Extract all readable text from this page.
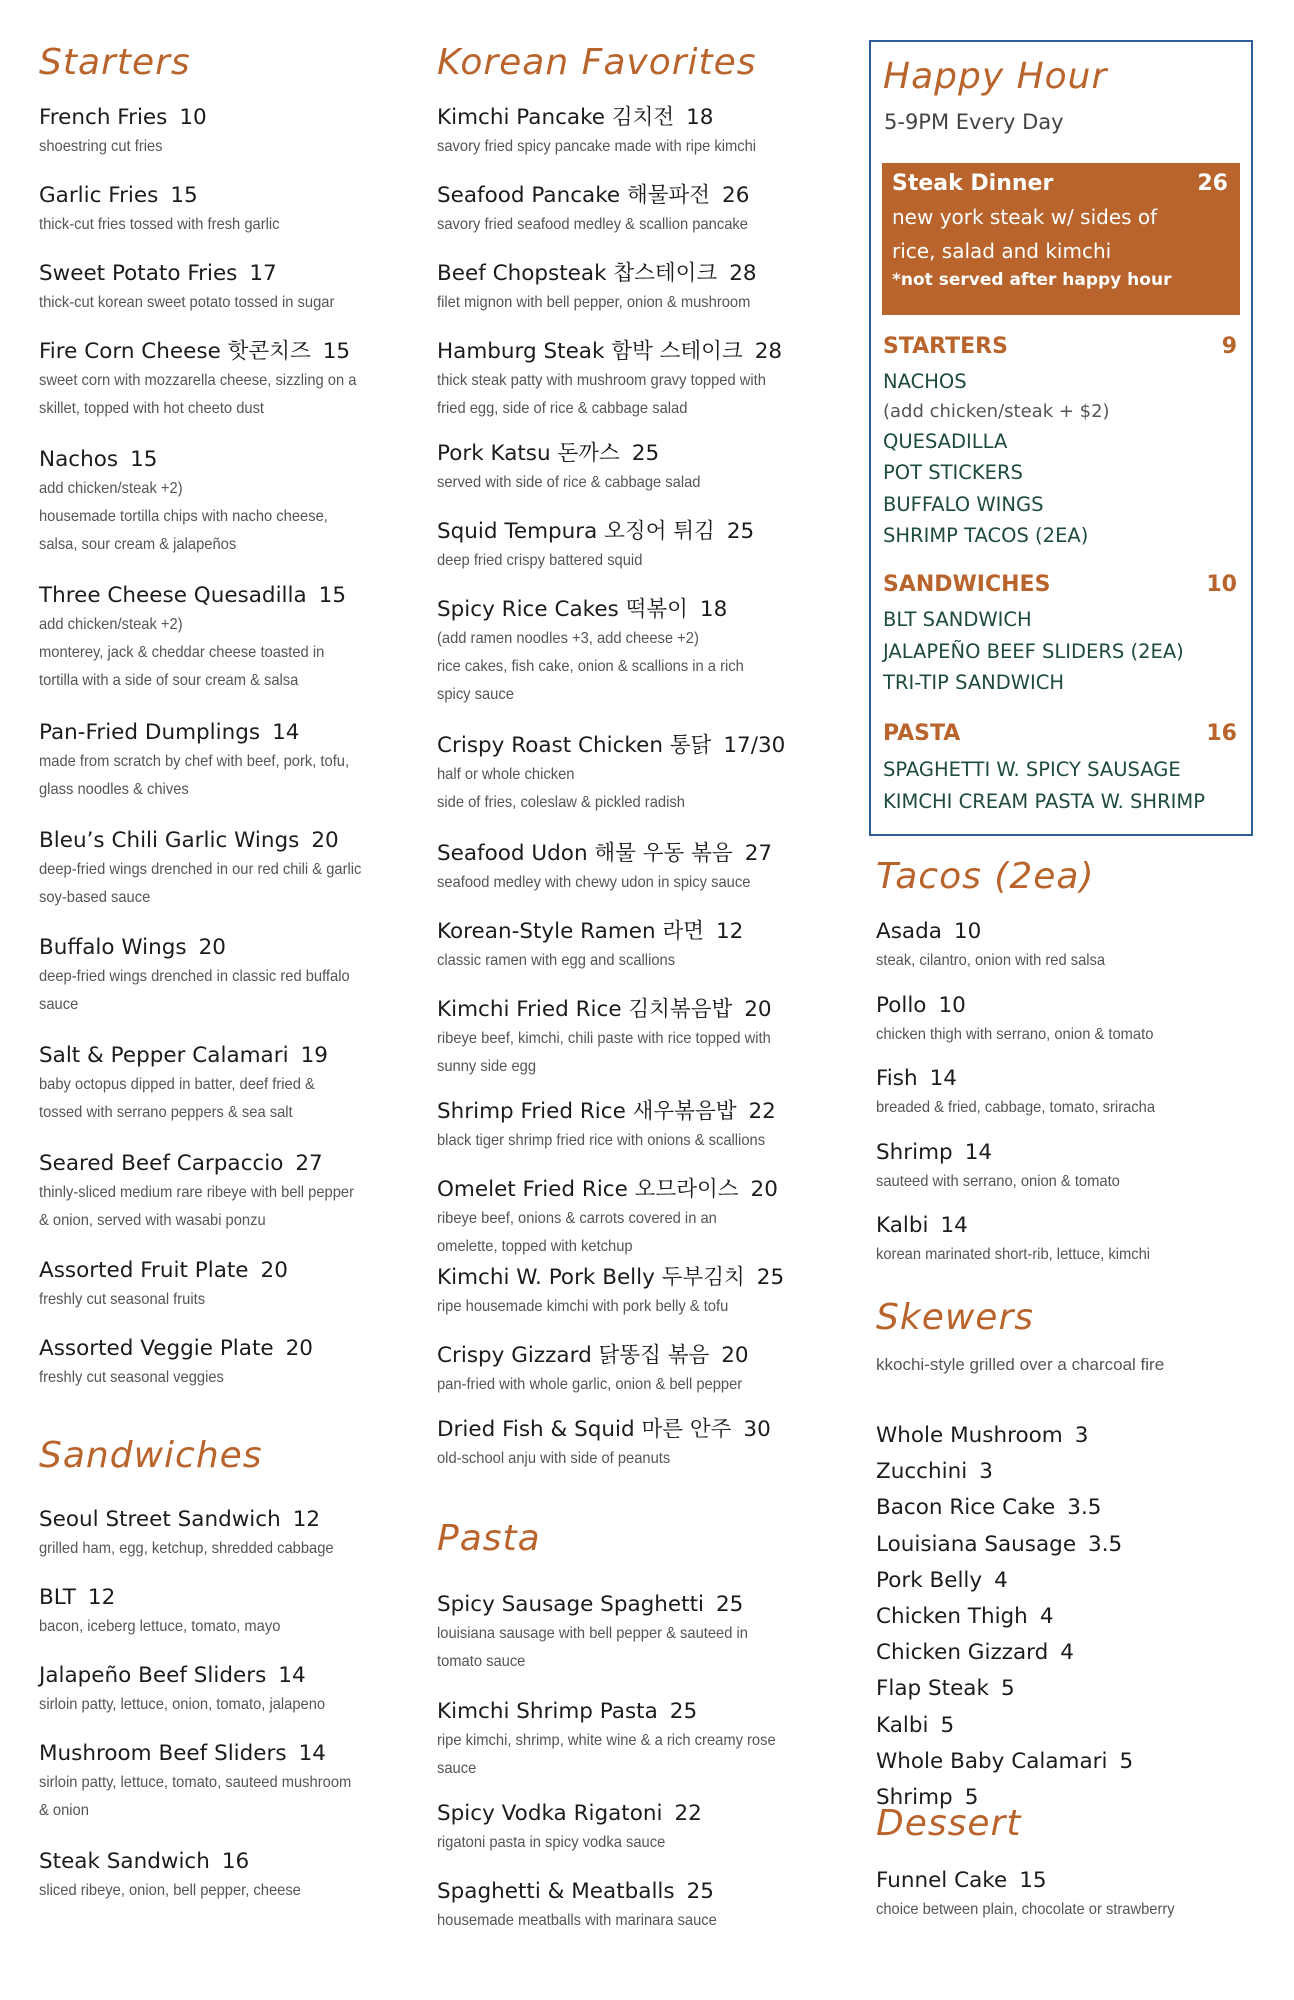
Starters
French Fries 10
shoestring cut fries
Garlic Fries 15
thick-cut fries tossed with fresh garlic
Sweet Potato Fries 17
thick-cut korean sweet potato tossed in sugar
Fire Corn Cheese 핫콘치즈 15
sweet corn with mozzarella cheese, sizzling on a
skillet, topped with hot cheeto dust
Nachos 15
add chicken/steak +2)
housemade tortilla chips with nacho cheese,
salsa, sour cream & jalapeños
Three Cheese Quesadilla 15
add chicken/steak +2)
monterey, jack & cheddar cheese toasted in
tortilla with a side of sour cream & salsa
Pan-Fried Dumplings 14
made from scratch by chef with beef, pork, tofu,
glass noodles & chives
Bleu’s Chili Garlic Wings 20
deep-fried wings drenched in our red chili & garlic
soy-based sauce
Buffalo Wings 20
deep-fried wings drenched in classic red buffalo
sauce
Salt & Pepper Calamari 19
baby octopus dipped in batter, deef fried &
tossed with serrano peppers & sea salt
Seared Beef Carpaccio 27
thinly-sliced medium rare ribeye with bell pepper
& onion, served with wasabi ponzu
Assorted Fruit Plate 20
freshly cut seasonal fruits
Assorted Veggie Plate 20
freshly cut seasonal veggies
Sandwiches
Seoul Street Sandwich 12
grilled ham, egg, ketchup, shredded cabbage
BLT 12
bacon, iceberg lettuce, tomato, mayo
Jalapeño Beef Sliders 14
sirloin patty, lettuce, onion, tomato, jalapeno
Mushroom Beef Sliders 14
sirloin patty, lettuce, tomato, sauteed mushroom
& onion
Steak Sandwich 16
sliced ribeye, onion, bell pepper, cheese
Korean Favorites
Kimchi Pancake 김치전 18
savory fried spicy pancake made with ripe kimchi
Seafood Pancake 해물파전 26
savory fried seafood medley & scallion pancake
Beef Chopsteak 찹스테이크 28
filet mignon with bell pepper, onion & mushroom
Hamburg Steak 함박 스테이크 28
thick steak patty with mushroom gravy topped with
fried egg, side of rice & cabbage salad
Pork Katsu 돈까스 25
served with side of rice & cabbage salad
Squid Tempura 오징어 튀김 25
deep fried crispy battered squid
Spicy Rice Cakes 떡볶이 18
(add ramen noodles +3, add cheese +2)
rice cakes, fish cake, onion & scallions in a rich
spicy sauce
Crispy Roast Chicken 통닭 17/30
half or whole chicken
side of fries, coleslaw & pickled radish
Seafood Udon 해물 우동 볶음 27
seafood medley with chewy udon in spicy sauce
Korean-Style Ramen 라면 12
classic ramen with egg and scallions
Kimchi Fried Rice 김치볶음밥 20
ribeye beef, kimchi, chili paste with rice topped with
sunny side egg
Shrimp Fried Rice 새우볶음밥 22
black tiger shrimp fried rice with onions & scallions
Omelet Fried Rice 오므라이스 20
ribeye beef, onions & carrots covered in an
omelette, topped with ketchup
Kimchi W. Pork Belly 두부김치 25
ripe housemade kimchi with pork belly & tofu
Crispy Gizzard 닭똥집 볶음 20
pan-fried with whole garlic, onion & bell pepper
Dried Fish & Squid 마른 안주 30
old-school anju with side of peanuts
Pasta
Spicy Sausage Spaghetti 25
louisiana sausage with bell pepper & sauteed in
tomato sauce
Kimchi Shrimp Pasta 25
ripe kimchi, shrimp, white wine & a rich creamy rose
sauce
Spicy Vodka Rigatoni 22
rigatoni pasta in spicy vodka sauce
Spaghetti & Meatballs 25
housemade meatballs with marinara sauce
Happy Hour
5-9PM Every Day
Steak Dinner	26
new york steak w/ sides of rice, salad and kimchi
*not served after happy hour
STARTERS	9
NACHOS
(add chicken/steak + $2)
QUESADILLA
POT STICKERS
BUFFALO WINGS
SHRIMP TACOS (2EA)
SANDWICHES	10
BLT SANDWICH
JALAPEÑO BEEF SLIDERS (2EA)
TRI-TIP SANDWICH
PASTA	16
SPAGHETTI W. SPICY SAUSAGE
KIMCHI CREAM PASTA W. SHRIMP
Tacos (2ea)
Asada 10
steak, cilantro, onion with red salsa
Pollo 10
chicken thigh with serrano, onion & tomato
Fish 14
breaded & fried, cabbage, tomato, sriracha
Shrimp 14
sauteed with serrano, onion & tomato
Kalbi 14
korean marinated short-rib, lettuce, kimchi
Skewers
kkochi-style grilled over a charcoal fire
Whole Mushroom 3
Zucchini 3
Bacon Rice Cake 3.5
Louisiana Sausage 3.5
Pork Belly 4
Chicken Thigh 4
Chicken Gizzard 4
Flap Steak 5
Kalbi 5
Whole Baby Calamari 5
Shrimp 5
Dessert
Funnel Cake 15
choice between plain, chocolate or strawberry
